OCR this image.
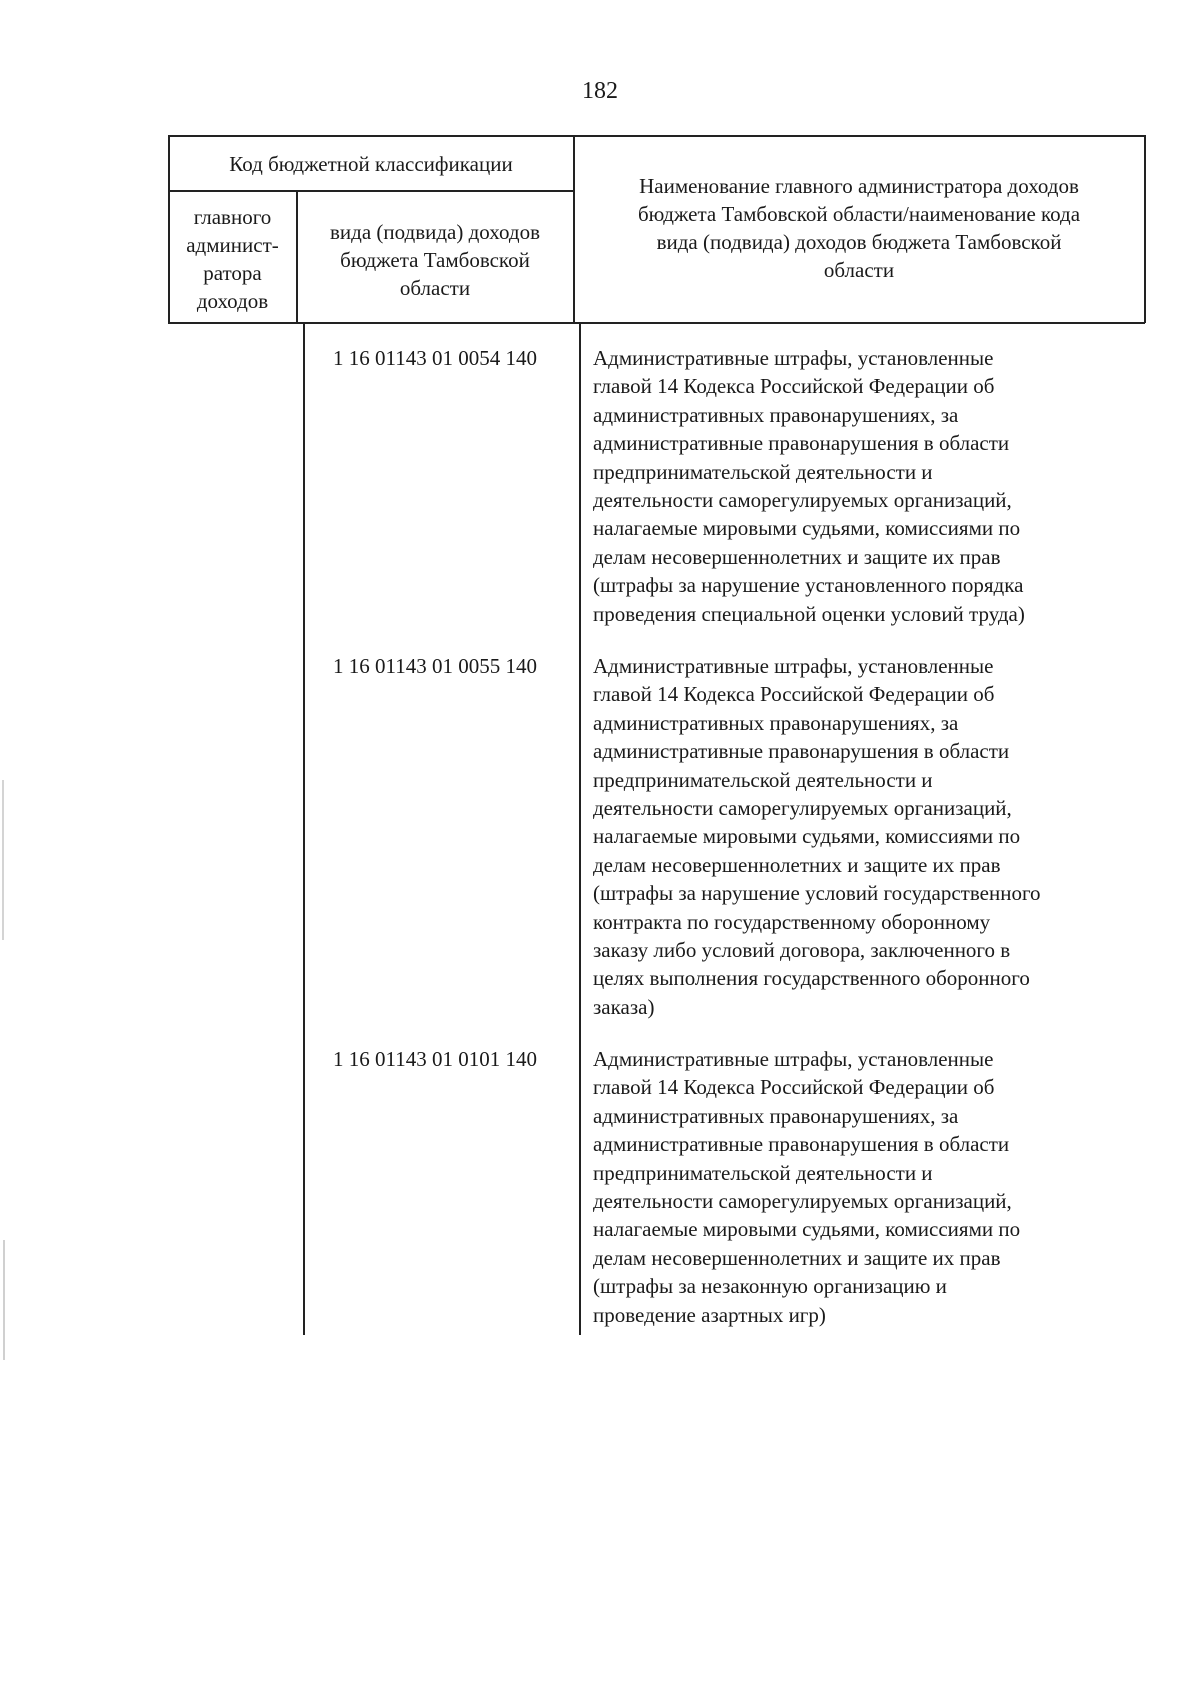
182
Код бюджетной классификации
главного
админист-
ратора
доходов
вида (подвида) доходов
бюджета Тамбовской
области
Наименование главного администратора доходов
бюджета Тамбовской области/наименование кода
вида (подвида) доходов бюджета Тамбовской
области
1 16 01143 01 0054 140	Административные штрафы, установленные
главой 14 Кодекса Российской Федерации об
административных правонарушениях, за
административные правонарушения в области
предпринимательской деятельности и
деятельности саморегулируемых организаций,
налагаемые мировыми судьями, комиссиями по
делам несовершеннолетних и защите их прав
(штрафы за нарушение установленного порядка
проведения специальной оценки условий труда)
1 16 01143 01 0055 140	Административные штрафы, установленные
главой 14 Кодекса Российской Федерации об
административных правонарушениях, за
административные правонарушения в области
предпринимательской деятельности и
деятельности саморегулируемых организаций,
налагаемые мировыми судьями, комиссиями по
делам несовершеннолетних и защите их прав
(штрафы за нарушение условий государственного
контракта по государственному оборонному
заказу либо условий договора, заключенного в
целях выполнения государственного оборонного
заказа)
1 16 01143 01 0101 140	Административные штрафы, установленные
главой 14 Кодекса Российской Федерации об
административных правонарушениях, за
административные правонарушения в области
предпринимательской деятельности и
деятельности саморегулируемых организаций,
налагаемые мировыми судьями, комиссиями по
делам несовершеннолетних и защите их прав
(штрафы за незаконную организацию и
проведение азартных игр)
